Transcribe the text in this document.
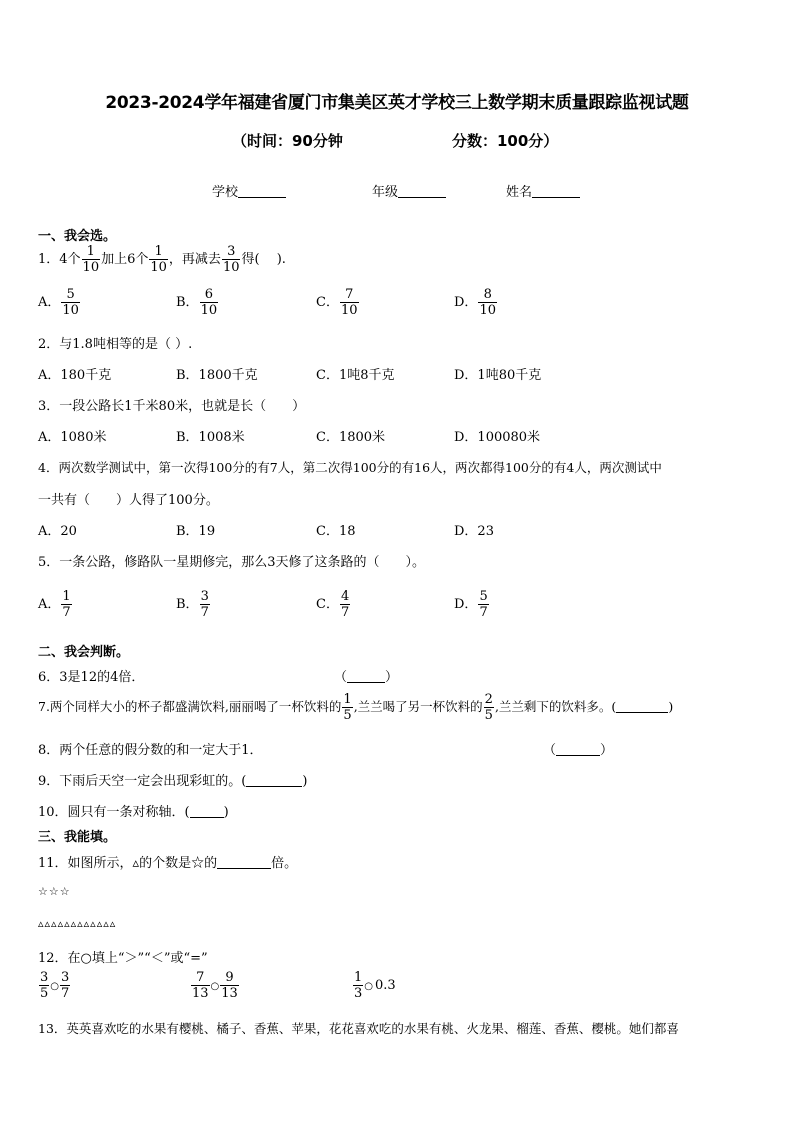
2023-2024学年福建省厦门市集美区英才学校三上数学期末质量跟踪监视试题
（时间：90分钟	分数：100分）
学校	年级	姓名
一、我会选。
1．4个 $\frac{1}{10}$ 加上6个 $\frac{1}{10}$ ，再减去 $\frac{3}{10}$ 得(　 ).
A． $\frac{5}{10}$	B． $\frac{6}{10}$	C． $\frac{7}{10}$	D． $\frac{8}{10}$
2．与1.8吨相等的是（ ）.
A．180千克	B．1800千克	C．1吨8千克	D．1吨80千克
3．一段公路长1千米80米，也就是长（　　）
A．1080米	B．1008米	C．1800米	D．100080米
4．两次数学测试中，第一次得100分的有7人，第二次得100分的有16人，两次都得100分的有4人，两次测试中
一共有（　　）人得了100分。
A．20	B．19	C．18	D．23
5．一条公路，修路队一星期修完，那么3天修了这条路的（　　）。
A． $\frac{1}{7}$	B． $\frac{3}{7}$	C． $\frac{4}{7}$	D． $\frac{5}{7}$
二、我会判断。
6．3是12的4倍．	（	）
7.两个同样大小的杯子都盛满饮料,丽丽喝了一杯饮料的 $\frac{1}{5}$ ,兰兰喝了另一杯饮料的 $\frac{2}{5}$ ,兰兰剩下的饮料多。(	)
8．两个任意的假分数的和一定大于1．	（	）
9．下雨后天空一定会出现彩虹的。(	)
10．圆只有一条对称轴．(	)
三、我能填。
11．如图所示，▵的个数是☆的	倍。
☆☆☆
▵▵▵▵▵▵▵▵▵▵▵▵
12．在○填上“＞”“＜”或“=”
$\frac{3}{5}$ ○ $\frac{3}{7}$	$\frac{7}{13}$ ○ $\frac{9}{13}$	$\frac{1}{3}$ ○ 0.3
13．英英喜欢吃的水果有樱桃、橘子、香蕉、苹果，花花喜欢吃的水果有桃、火龙果、榴莲、香蕉、樱桃。她们都喜
